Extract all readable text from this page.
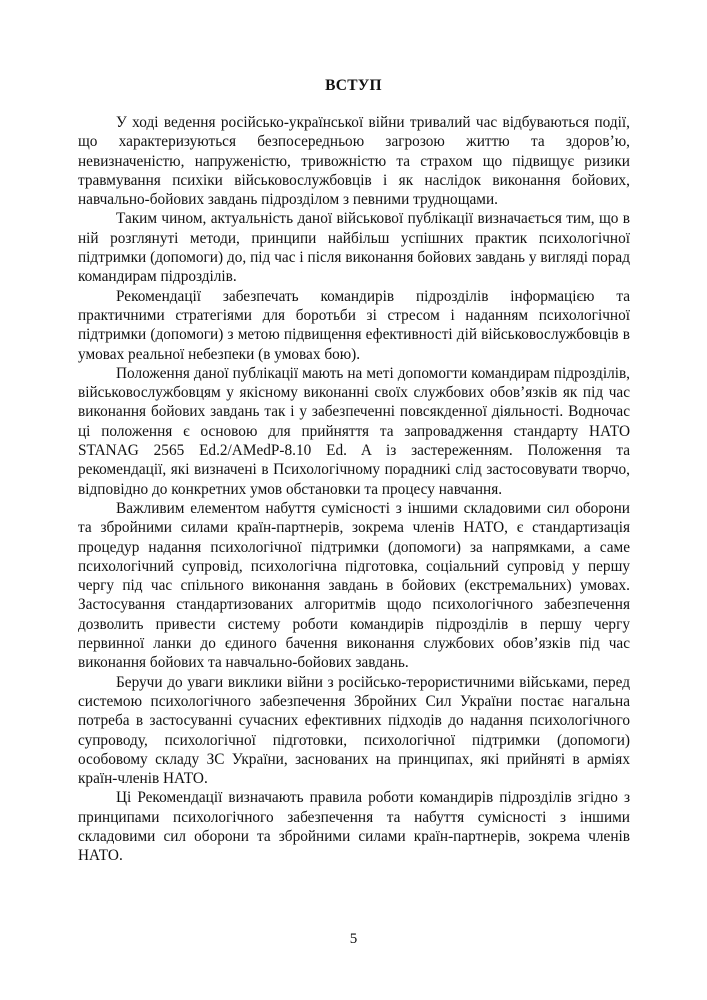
ВСТУП

У ході ведення російсько-української війни тривалий час відбуваються події, що характеризуються безпосередньою загрозою життю та здоров’ю, невизначеністю, напруженістю, тривожністю та страхом що підвищує ризики травмування психіки військовослужбовців і як наслідок виконання бойових, навчально-бойових завдань підрозділом з певними труднощами.

Таким чином, актуальність даної військової публікації визначається тим, що в ній розглянуті методи, принципи найбільш успішних практик психологічної підтримки (допомоги) до, під час і після виконання бойових завдань у вигляді порад командирам підрозділів.

Рекомендації забезпечать командирів підрозділів інформацією та практичними стратегіями для боротьби зі стресом і наданням психологічної підтримки (допомоги) з метою підвищення ефективності дій військовослужбовців в умовах реальної небезпеки (в умовах бою).

Положення даної публікації мають на меті допомогти командирам підрозділів, військовослужбовцям у якісному виконанні своїх службових обов’язків як під час виконання бойових завдань так і у забезпеченні повсякденної діяльності. Водночас ці положення є основою для прийняття та запровадження стандарту НАТО STANAG 2565 Ed.2/AMedP-8.10 Ed. A із застереженням. Положення та рекомендації, які визначені в Психологічному порадникі слід застосовувати творчо, відповідно до конкретних умов обстановки та процесу навчання.

Важливим елементом набуття сумісності з іншими складовими сил оборони та збройними силами країн-партнерів, зокрема членів НАТО, є стандартизація процедур надання психологічної підтримки (допомоги) за напрямками, а саме психологічний супровід, психологічна підготовка, соціальний супровід у першу чергу під час спільного виконання завдань в бойових (екстремальних) умовах. Застосування стандартизованих алгоритмів щодо психологічного забезпечення дозволить привести систему роботи командирів підрозділів в першу чергу первинної ланки до єдиного бачення виконання службових обов’язків під час виконання бойових та навчально-бойових завдань.

Беручи до уваги виклики війни з російсько-терористичними військами, перед системою психологічного забезпечення Збройних Сил України постає нагальна потреба в застосуванні сучасних ефективних підходів до надання психологічного супроводу, психологічної підготовки, психологічної підтримки (допомоги) особовому складу ЗС України, заснованих на принципах, які прийняті в арміях країн-членів НАТО.

Ці Рекомендації визначають правила роботи командирів підрозділів згідно з принципами психологічного забезпечення та набуття сумісності з іншими складовими сил оборони та збройними силами країн-партнерів, зокрема членів НАТО.

5
